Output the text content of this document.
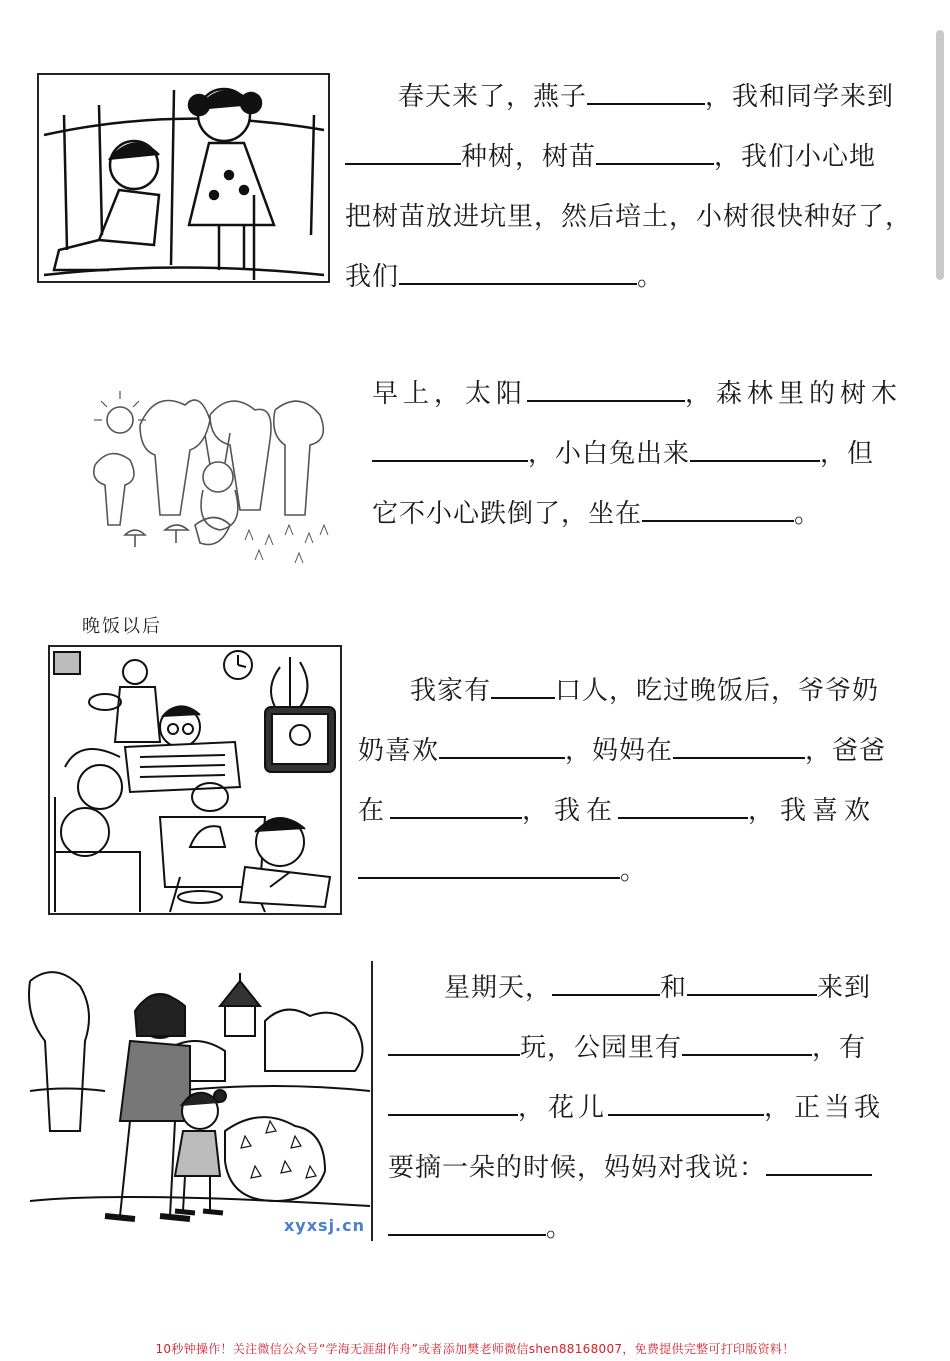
春天来了，燕子	，我和同学来到
种树，树苗	，我们小心地
把树苗放进坑里，然后培土，小树很快种好了，
我们	。
早上，太阳	，森林里的树木
，小白兔出来	，但
它不小心跌倒了，坐在	。
晚饭以后
我家有 口人，吃过晚饭后，爷爷奶
奶喜欢	，妈妈在	，爸爸
在	，我在	，我喜欢
。
xyxsj.cn
星期天，	和	来到
玩，公园里有	，有
，花儿	，正当我
要摘一朵的时候，妈妈对我说：
。
10秒钟操作！关注微信公众号“学海无涯甜作舟”或者添加樊老师微信shen88168007，免费提供完整可打印版资料！
